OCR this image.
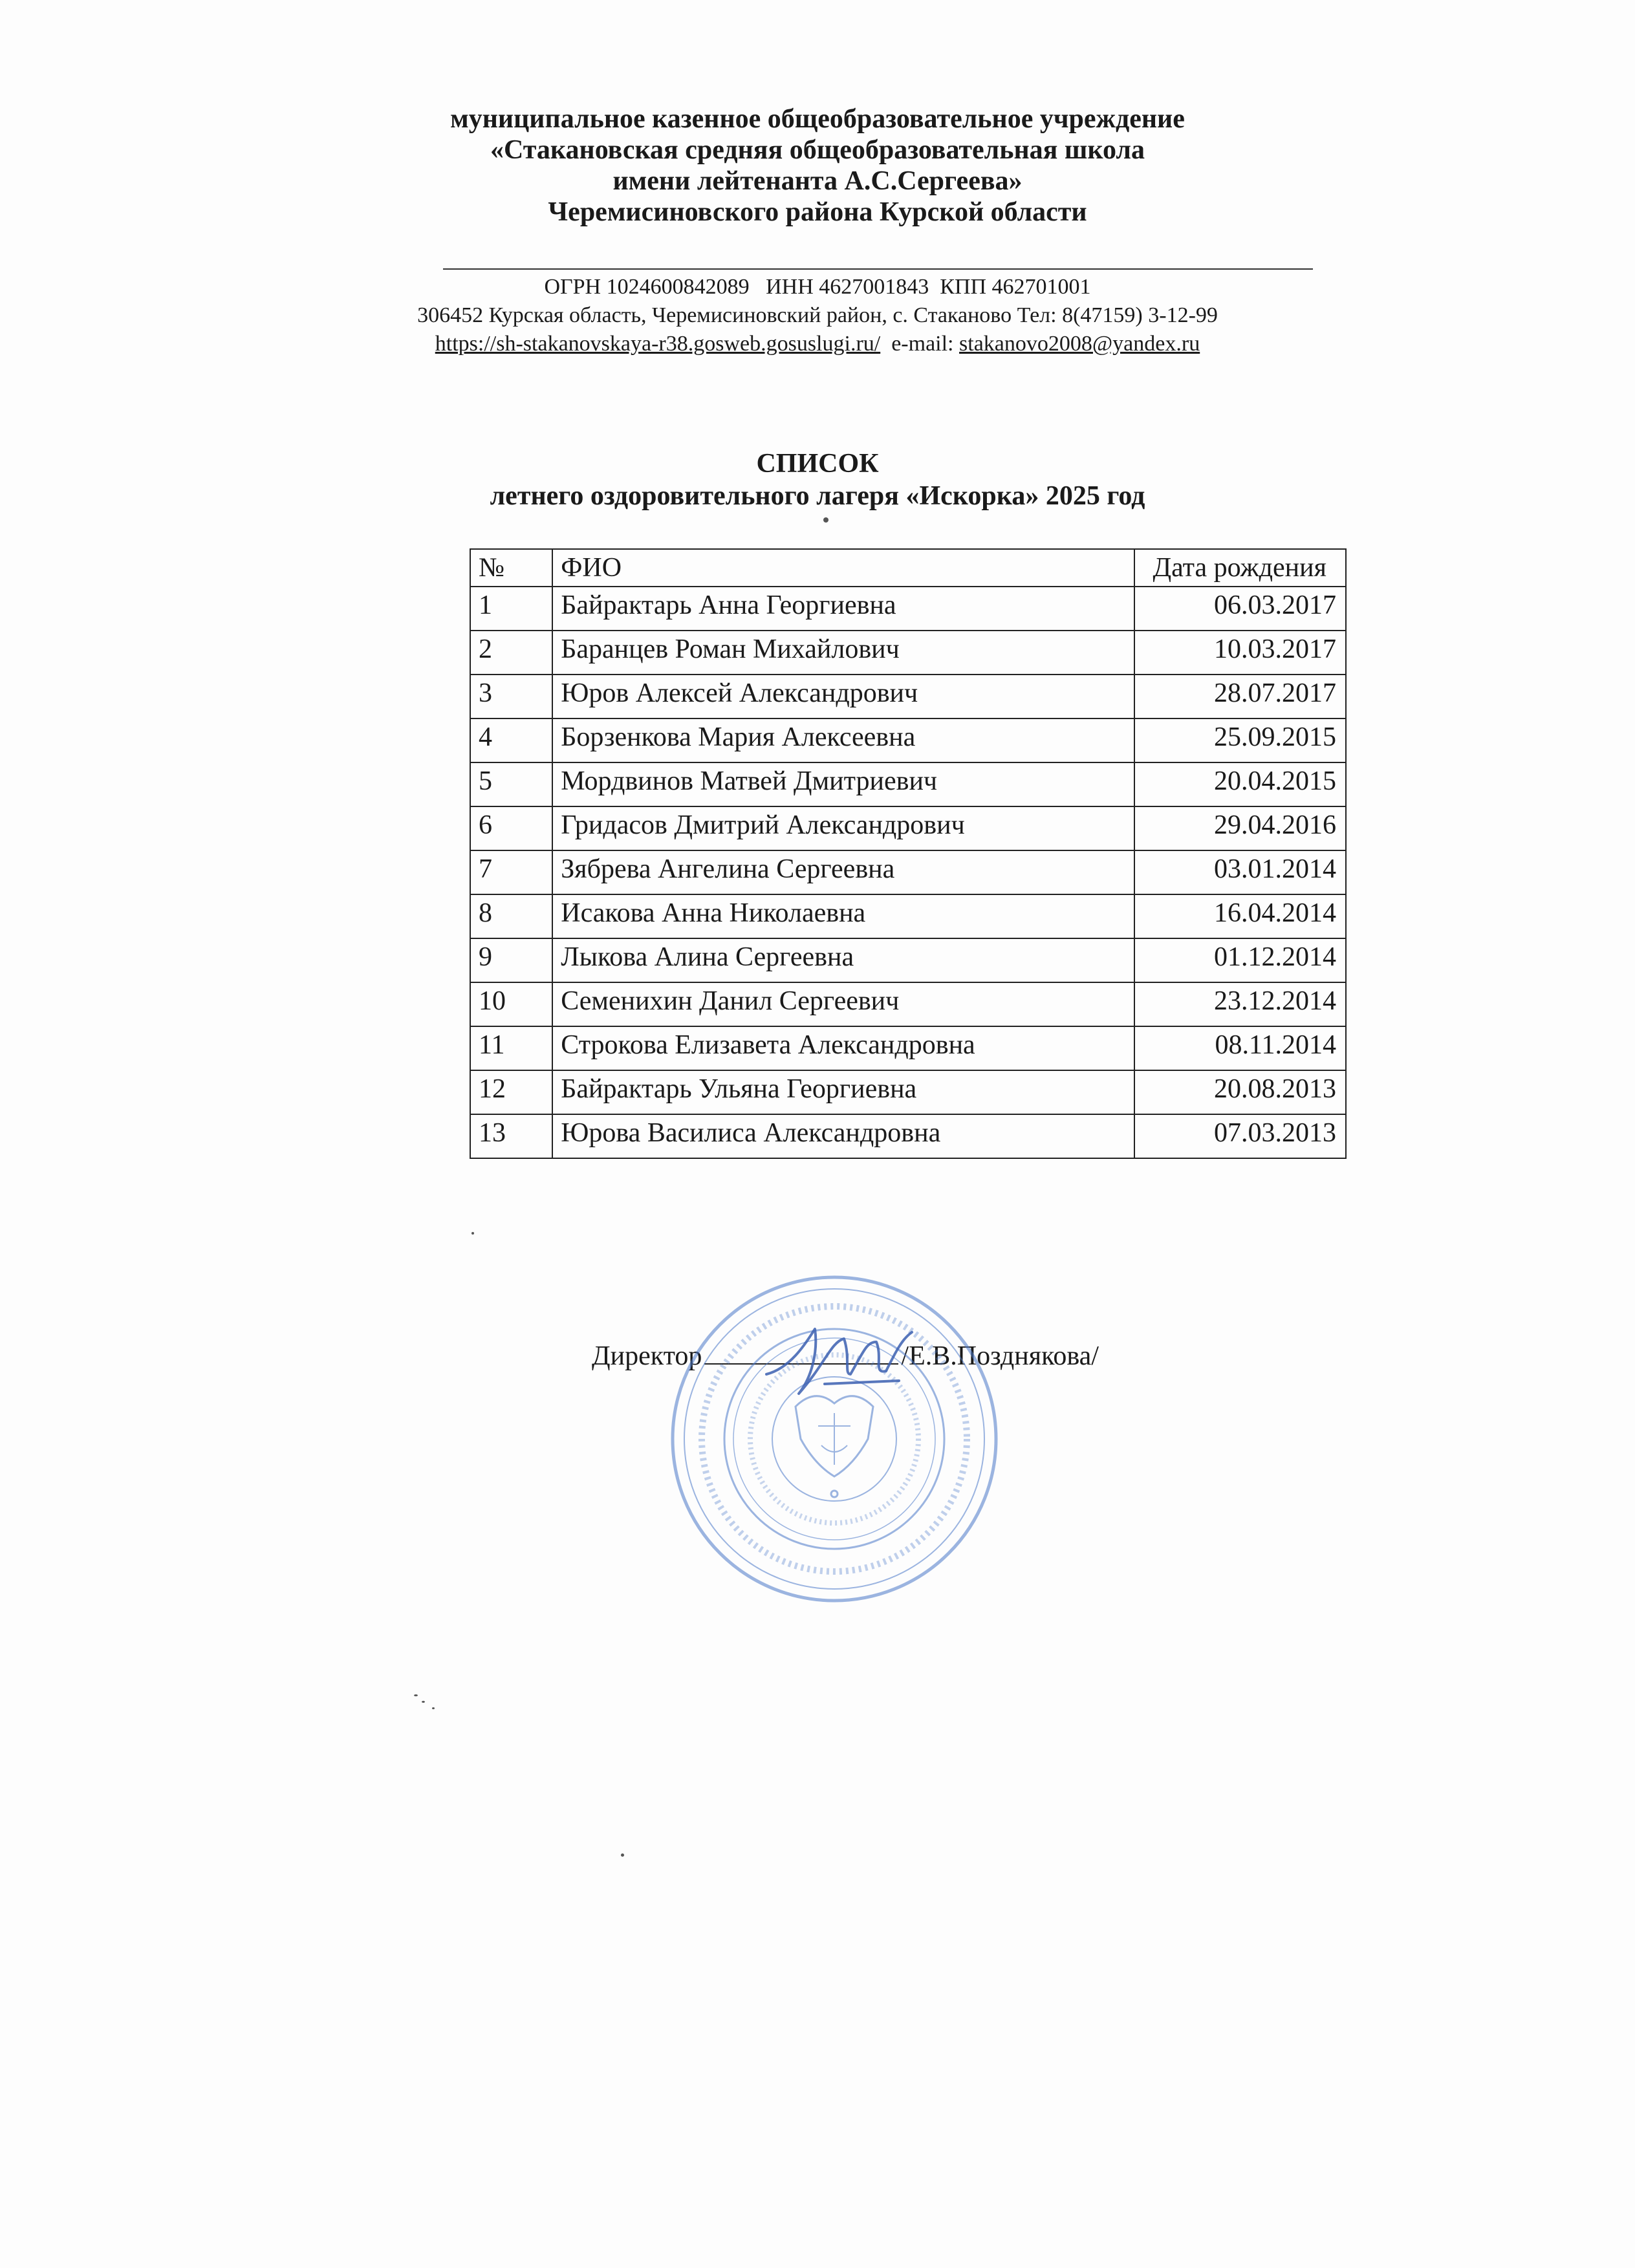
муниципальное казенное общеобразовательное учреждение
«Стакановская средняя общеобразовательная школа
имени лейтенанта А.С.Сергеева»
Черемисиновского района Курской области
ОГРН 1024600842089   ИНН 4627001843  КПП 462701001
306452 Курская область, Черемисиновский район, с. Стаканово Тел: 8(47159) 3-12-99
https://sh-stakanovskaya-r38.gosweb.gosuslugi.ru/ e-mail: stakanovo2008@yandex.ru
СПИСОК
летнего оздоровительного лагеря «Искорка» 2025 год
№	ФИО	Дата рождения
1	Байрактарь Анна Георгиевна	06.03.2017
2	Баранцев Роман Михайлович	10.03.2017
3	Юров Алексей Александрович	28.07.2017
4	Борзенкова Мария Алексеевна	25.09.2015
5	Мордвинов Матвей Дмитриевич	20.04.2015
6	Гридасов Дмитрий Александрович	29.04.2016
7	Зябрева Ангелина Сергеевна	03.01.2014
8	Исакова Анна Николаевна	16.04.2014
9	Лыкова Алина Сергеевна	01.12.2014
10	Семенихин Данил Сергеевич	23.12.2014
11	Строкова Елизавета Александровна	08.11.2014
12	Байрактарь Ульяна Георгиевна	20.08.2013
13	Юрова Василиса Александровна	07.03.2013
Директор	/Е.В.Позднякова/
